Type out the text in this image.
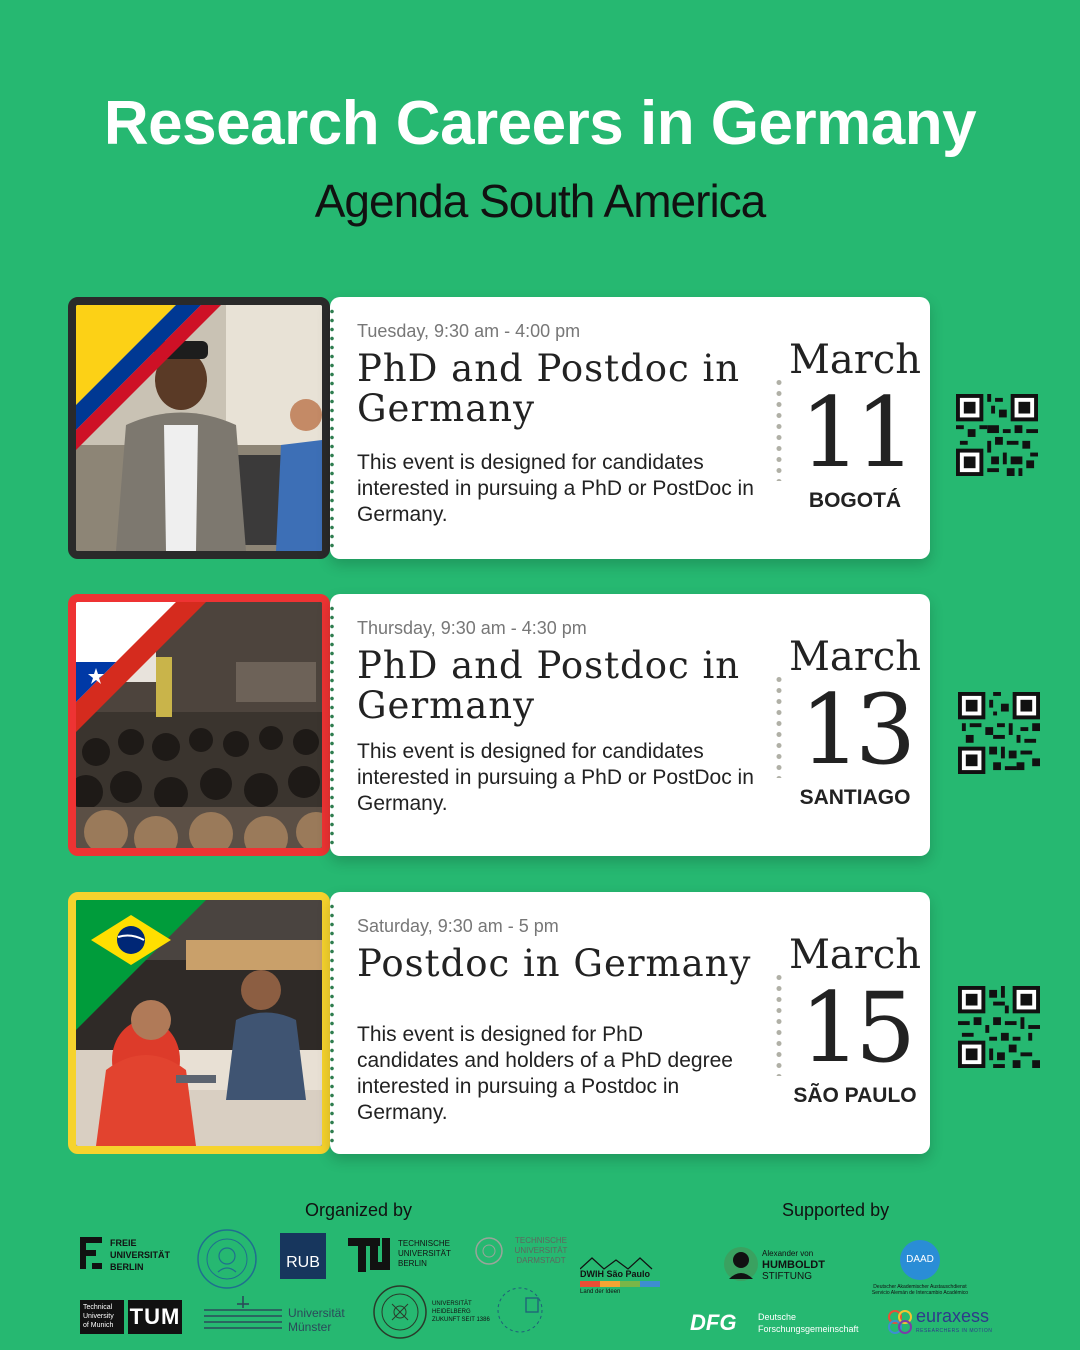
Research Careers in Germany
Agenda South America
Tuesday, 9:30 am - 4:00 pm
PhD and Postdoc in Germany
This event is designed for candidates interested in pursuing a PhD or PostDoc in Germany.
March
11
BOGOTÁ
Thursday, 9:30 am - 4:30 pm
PhD and Postdoc in Germany
This event is designed for candidates interested in pursuing a PhD or PostDoc in Germany.
March
13
SANTIAGO
Saturday, 9:30 am - 5 pm
Postdoc in Germany
This event is designed for PhD candidates and holders of a PhD degree interested in pursuing a Postdoc in Germany.
March
15
SÃO PAULO
Organized by	Supported by
FREIE UNIVERSITÄT BERLIN	RUB
TECHNISCHE UNIVERSITÄT BERLIN
TECHNISCHE UNIVERSITÄT DARMSTADT
DWIH São Paulo
Land der Ideen
Technical University of Munich TUM	Universität Münster
UNIVERSITÄT HEIDELBERG ZUKUNFT SEIT 1386
Alexander von
HUMBOLDT
STIFTUNG
DAAD
Deutscher Akademischer Austauschdienst
Servicio Alemán de Intercambio Académico
DFG Deutsche
Forschungsgemeinschaft
euraxess
RESEARCHERS IN MOTION
